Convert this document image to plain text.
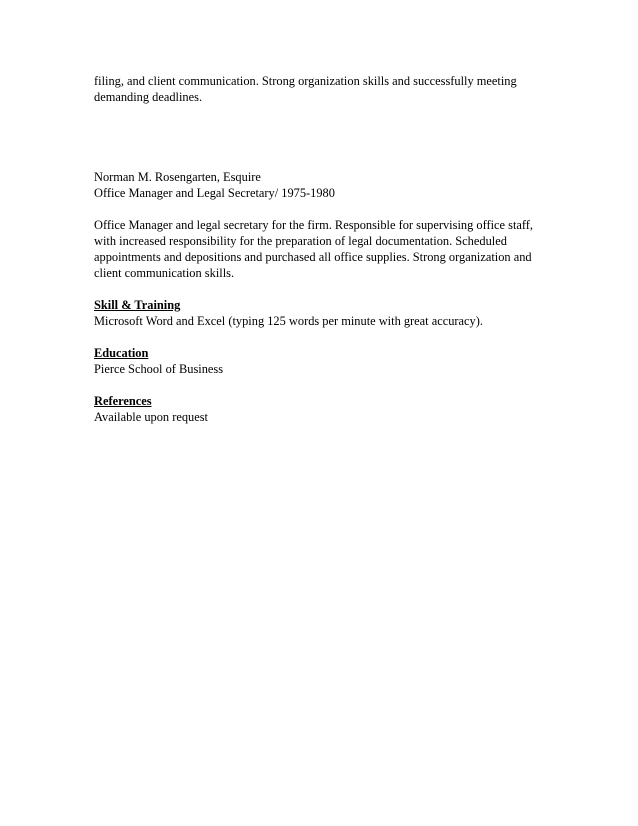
filing, and client communication. Strong organization skills and successfully meeting
demanding deadlines.
Norman M. Rosengarten, Esquire
Office Manager and Legal Secretary/ 1975-1980
Office Manager and legal secretary for the firm. Responsible for supervising office staff,
with increased responsibility for the preparation of legal documentation. Scheduled
appointments and depositions and purchased all office supplies. Strong organization and
client communication skills.
Skill & Training
Microsoft Word and Excel (typing 125 words per minute with great accuracy).
Education
Pierce School of Business
References
Available upon request
